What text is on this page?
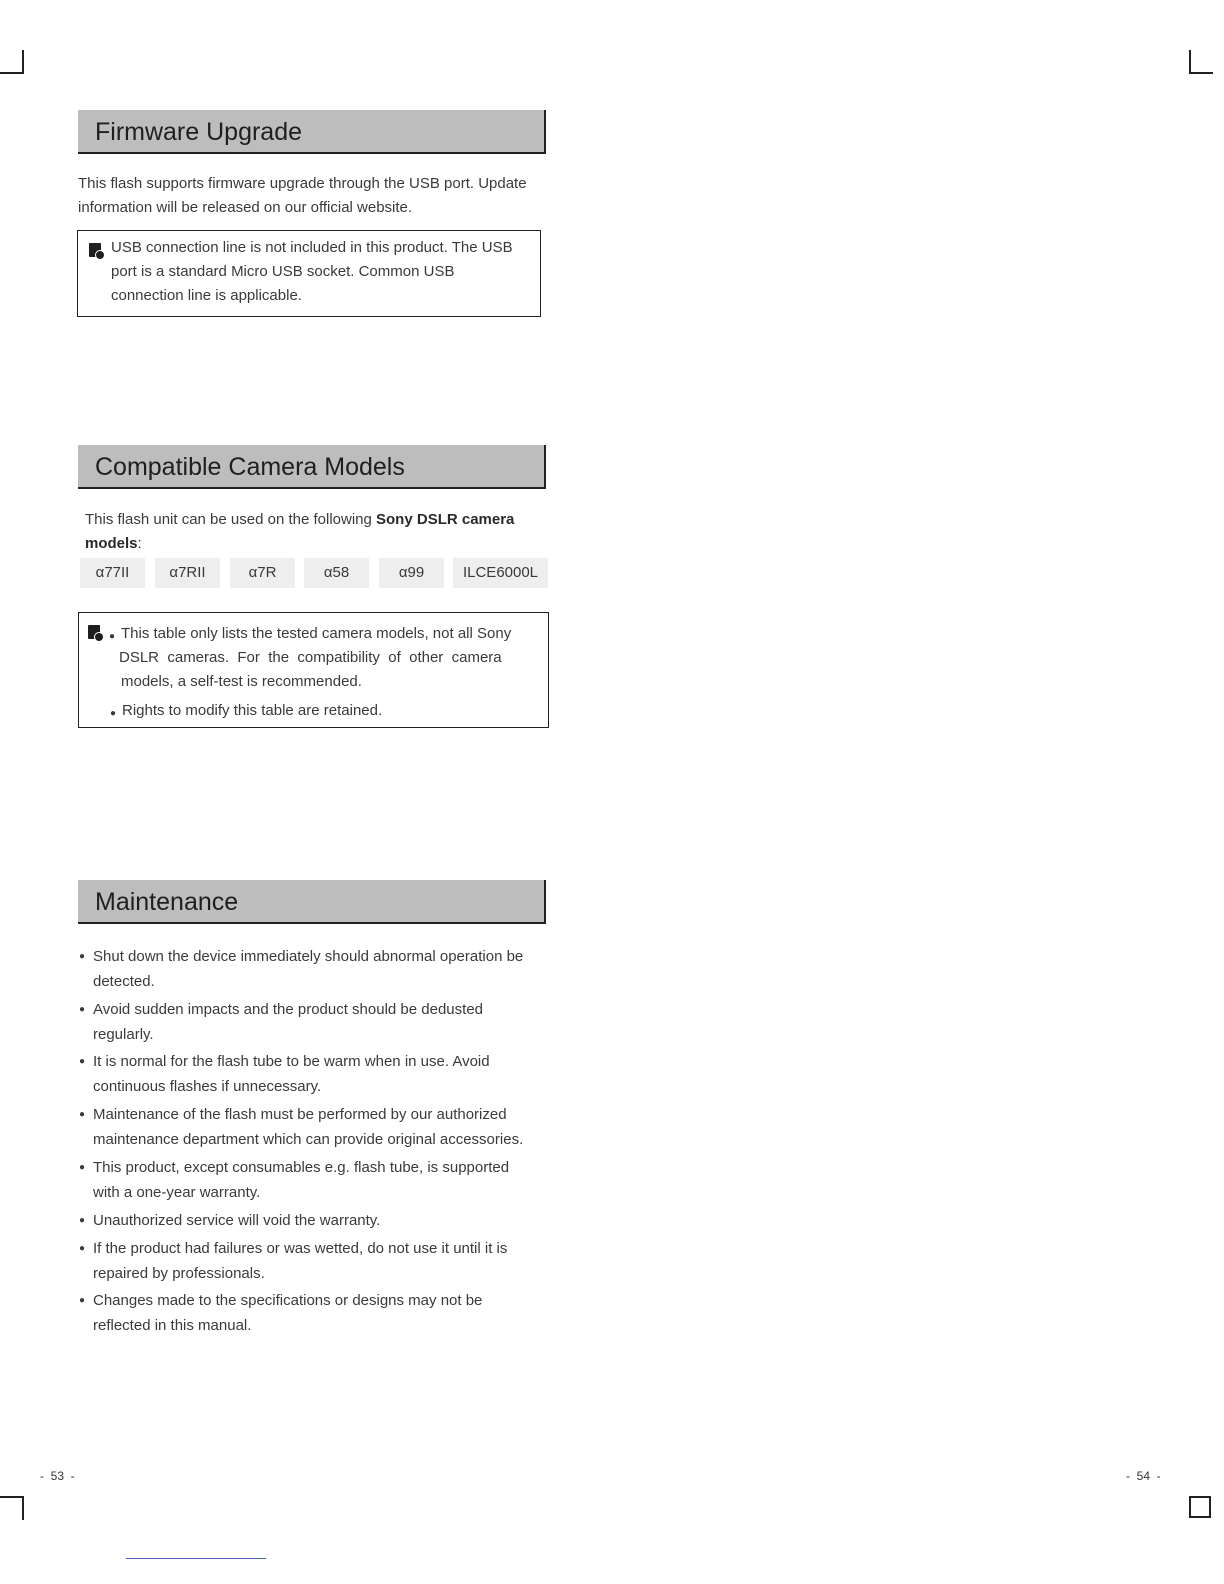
Firmware Upgrade

This flash supports firmware upgrade through the USB port. Update
information will be released on our official website.

USB connection line is not included in this product. The USB
port is a standard Micro USB socket. Common USB
connection line is applicable.
Compatible Camera Models

This flash unit can be used on the following Sony DSLR camera
models:

α77II	α7RII	α7R	α58	α99	ILCE6000L
This table only lists the tested camera models, not all Sony
DSLR  cameras.  For  the  compatibility  of  other  camera
models, a self-test is recommended.
Rights to modify this table are retained.
Maintenance
● Shut down the device immediately should abnormal operation be
detected.
● Avoid sudden impacts and the product should be dedusted
regularly.
● It is normal for the flash tube to be warm when in use. Avoid
continuous flashes if unnecessary.
● Maintenance of the flash must be performed by our authorized
maintenance department which can provide original accessories.
● This product, except consumables e.g. flash tube, is supported
with a one-year warranty.
● Unauthorized service will void the warranty.
● If the product had failures or was wetted, do not use it until it is
repaired by professionals.
● Changes made to the specifications or designs may not be
reflected in this manual.
-  53  -	-  54  -
